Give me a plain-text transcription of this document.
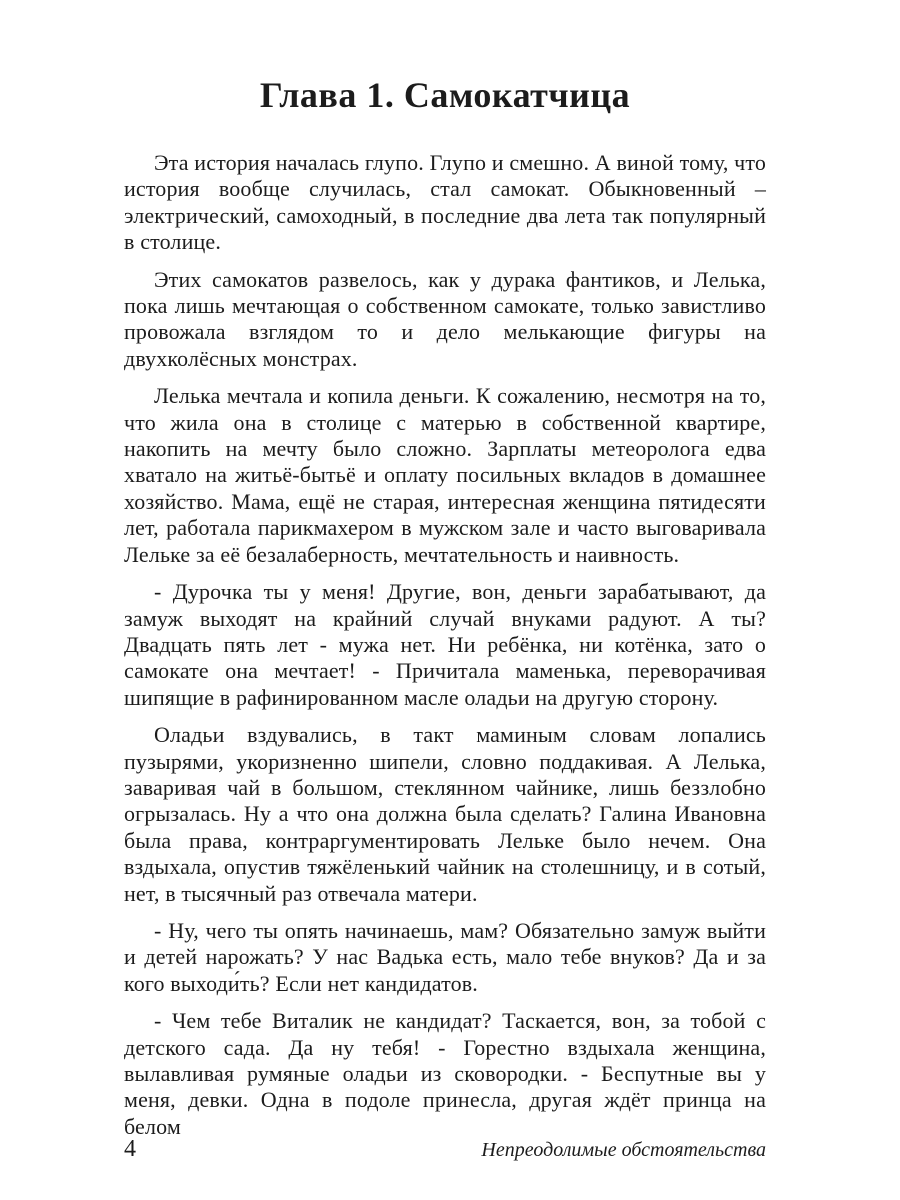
Глава 1. Самокатчица

Эта история началась глупо. Глупо и смешно. А виной тому, что история вообще случилась, стал самокат. Обыкновенный – электрический, самоходный, в последние два лета так популярный в столице.

Этих самокатов развелось, как у дурака фантиков, и Лелька, пока лишь мечтающая о собственном самокате, только завистливо провожала взглядом то и дело мелькающие фигуры на двухколёсных монстрах.

Лелька мечтала и копила деньги. К сожалению, несмотря на то, что жила она в столице с матерью в собственной квартире, накопить на мечту было сложно. Зарплаты метеоролога едва хватало на житьё-бытьё и оплату посильных вкладов в домашнее хозяйство. Мама, ещё не старая, интересная женщина пятидесяти лет, работала парикмахером в мужском зале и часто выговаривала Лельке за её безалаберность, мечтательность и наивность.

- Дурочка ты у меня! Другие, вон, деньги зарабатывают, да замуж выходят на крайний случай внуками радуют. А ты? Двадцать пять лет - мужа нет. Ни ребёнка, ни котёнка, зато о самокате она мечтает! - Причитала маменька, переворачивая шипящие в рафинированном масле оладьи на другую сторону.

Оладьи вздувались, в такт маминым словам лопались пузырями, укоризненно шипели, словно поддакивая. А Лелька, заваривая чай в большом, стеклянном чайнике, лишь беззлобно огрызалась. Ну а что она должна была сделать? Галина Ивановна была права, контраргументировать Лельке было нечем. Она вздыхала, опустив тяжёленький чайник на столешницу, и в сотый, нет, в тысячный раз отвечала матери.

- Ну, чего ты опять начинаешь, мам? Обязательно замуж выйти и детей нарожать? У нас Вадька есть, мало тебе внуков? Да и за кого выходи́ть? Если нет кандидатов.

- Чем тебе Виталик не кандидат? Таскается, вон, за тобой с детского сада. Да ну тебя! - Горестно вздыхала женщина, вылавливая румяные оладьи из сковородки. - Беспутные вы у меня, девки. Одна в подоле принесла, другая ждёт принца на белом

4	Непреодолимые обстоятельства
